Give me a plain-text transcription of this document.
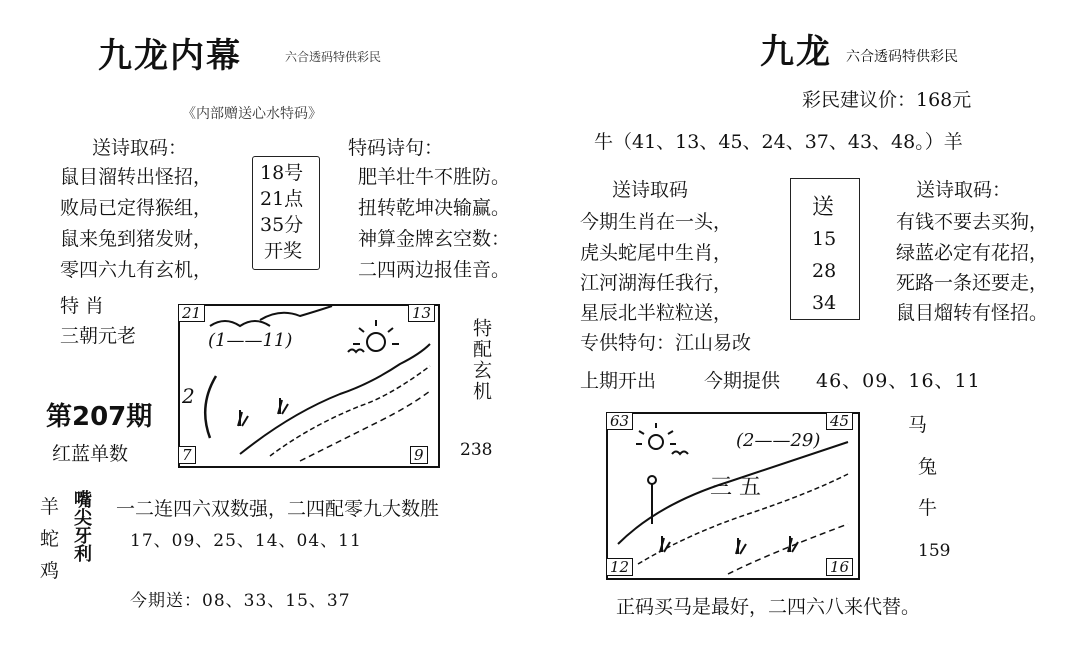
九龙内幕	六合透码特供彩民
《内部赠送心水特码》
送诗取码：
鼠目溜转出怪招，
败局已定得猴组，
鼠来兔到猪发财，
零四六九有玄机，
18号
21点
35分
开奖
特码诗句：
肥羊壮牛不胜防。
扭转乾坤决输赢。
神算金牌玄空数：
二四两边报佳音。
特 肖
三朝元老	(1——11)
21	13
7	9
2	特配玄机
第207期
红蓝单数	238
羊
蛇
鸡
嘴尖牙利 一二连四六双数强，二四配零九大数胜
17、09、25、14、04、11
今期送：08、33、15、37
九龙 六合透码特供彩民
彩民建议价：168元
牛（41、13、45、24、37、43、48。）羊
送诗取码	送诗取码：
今期生肖在一头，
虎头蛇尾中生肖，
江河湖海任我行，
星辰北半粒粒送，
送
15
28
34
有钱不要去买狗，
绿蓝必定有花招，
死路一条还要走，
鼠目熘转有怪招。
专供特句：江山易改
上期开出	今期提供 46、09、16、11
(2——29)
三 五
63	45
12	16
马
兔
牛
159
正码买马是最好，二四六八来代替。
